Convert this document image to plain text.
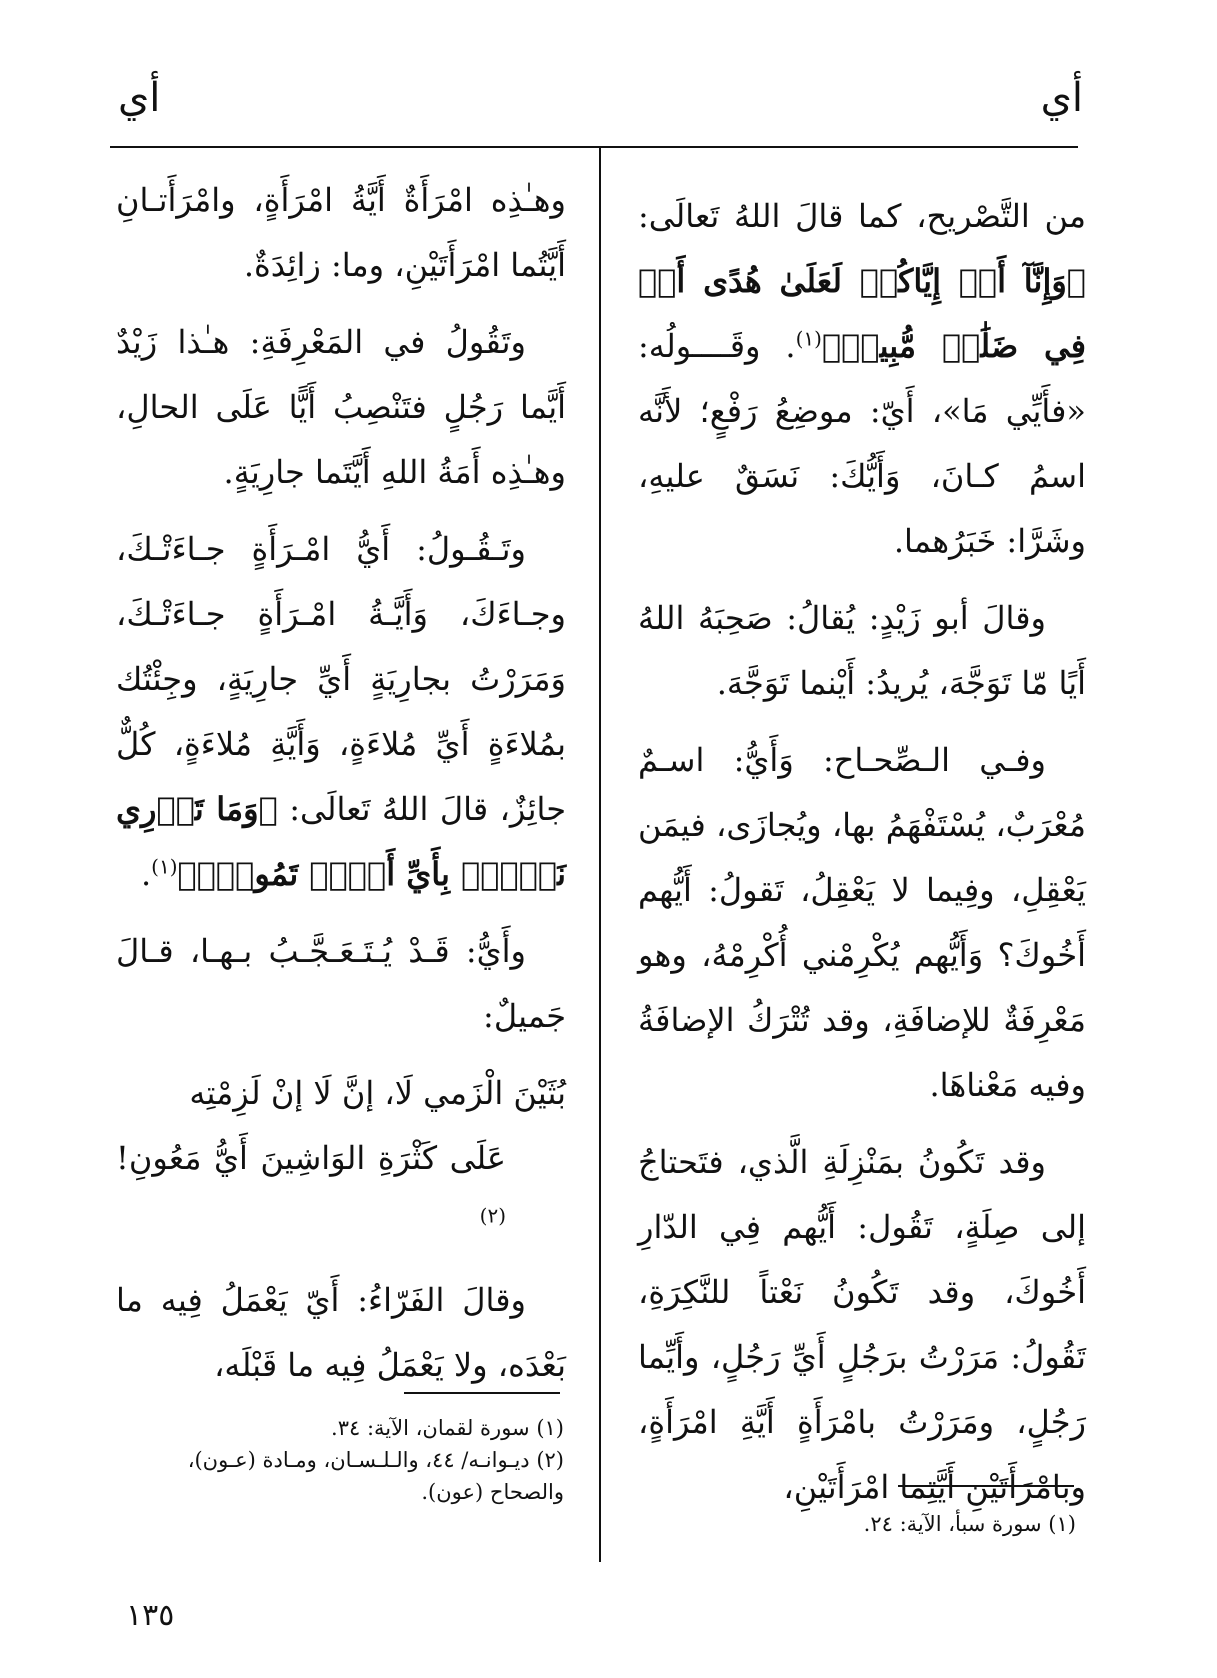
أي	أي

من التَّصْريح، كما قالَ اللهُ تَعالَى: ﴿وَإِنَّآ أَوۡ إِيَّاكُمۡ لَعَلَىٰ هُدًى أَوۡ فِي ضَلَٰلٖ مُّبِينٖ﴾$^{(١)}$. وقَــــولُه: «فأَيِّي مَا»، أَيّ: موضِعُ رَفْعٍ؛ لأَنَّه اسمُ كـانَ، وَأَيُّكَ: نَسَقٌ عليهِ، وشَرَّا: خَبَرُهما.

وقالَ أبو زَيْدٍ: يُقالُ: صَحِبَهُ اللهُ أَيًا مّا تَوَجَّهَ، يُريدُ: أَيْنما تَوَجَّهَ.

وفـي الـصِّحـاح: وَأَيُّ: اسـمٌ مُعْرَبٌ، يُسْتَفْهَمُ بها، ويُجازَى، فيمَن يَعْقِلِ، وفِيما لا يَعْقِلُ، تَقولُ: أَيُّهم أَخُوكَ؟ وَأَيُّهم يُكْرِمْني أُكْرِمْهُ، وهو مَعْرِفَةٌ للإضافَةِ، وقد تُتْرَكُ الإضافَةُ وفيه مَعْناهَا.

وقد تَكُونُ بمَنْزِلَةِ الَّذي، فتَحتاجُ إلى صِلَةٍ، تَقُول: أَيُّهم فِي الدّارِ أَخُوكَ، وقد تَكُونُ نَعْتاً للنَّكِرَةِ، تَقُولُ: مَرَرْتُ برَجُلٍ أَيِّ رَجُلٍ، وأَيِّما رَجُلٍ، ومَرَرْتُ بامْرَأَةٍ أَيَّةِ امْرَأَةٍ، وبامْرَأَتَيْنِ أَيَّتِما امْرَأَتَيْنِ،

وهـٰذِه امْرَأَةٌ أَيَّةُ امْرَأَةٍ، وامْرَأَتـانِ أَيَّتُما امْرَأَتَيْنِ، وما: زائِدَةٌ.

وتَقُولُ في المَعْرِفَةِ: هـٰذا زَيْدٌ أَيَّما رَجُلٍ فتَنْصِبُ أَيًّا عَلَى الحالِ، وهـٰذِه أَمَةُ اللهِ أَيَّتَما جارِيَةٍ.

وتَـقُـولُ: أَيُّ امْـرَأَةٍ جـاءَتْـكَ، وجـاءَكَ، وَأَيَّـةُ امْـرَأَةٍ جـاءَتْـكَ، وَمَرَرْتُ بجارِيَةٍ أَيِّ جارِيَةٍ، وجِئْتُك بمُلاءَةٍ أَيِّ مُلاءَةٍ، وَأَيَّةِ مُلاءَةٍ، كُلٌّ جائِزٌ، قالَ اللهُ تَعالَى: ﴿وَمَا تَدۡرِي نَفۡسُۢ بِأَيِّ أَرۡضٖ تَمُوتُۚ﴾$^{(١)}$.

وأَيُّ: قَـدْ يُـتَـعَـجَّـبُ بـهـا، قـالَ جَميلٌ:

بُثَيْنَ الْزَمي لَا، إنَّ لَا إنْ لَزِمْتِه
عَلَى كَثْرَةِ الوَاشِينَ أَيُّ مَعُونِ!$^{(٢)}$

وقالَ الفَرّاءُ: أَيّ يَعْمَلُ فِيه ما بَعْدَه، ولا يَعْمَلُ فِيه ما قَبْلَه،

(١) سورة لقمان، الآية: ٣٤.
(٢) ديـوانـه/ ٤٤، والـلـسـان، ومـادة (عـون)، والصحاح (عون).
(١) سورة سبأ، الآية: ٢٤.
١٣٥
